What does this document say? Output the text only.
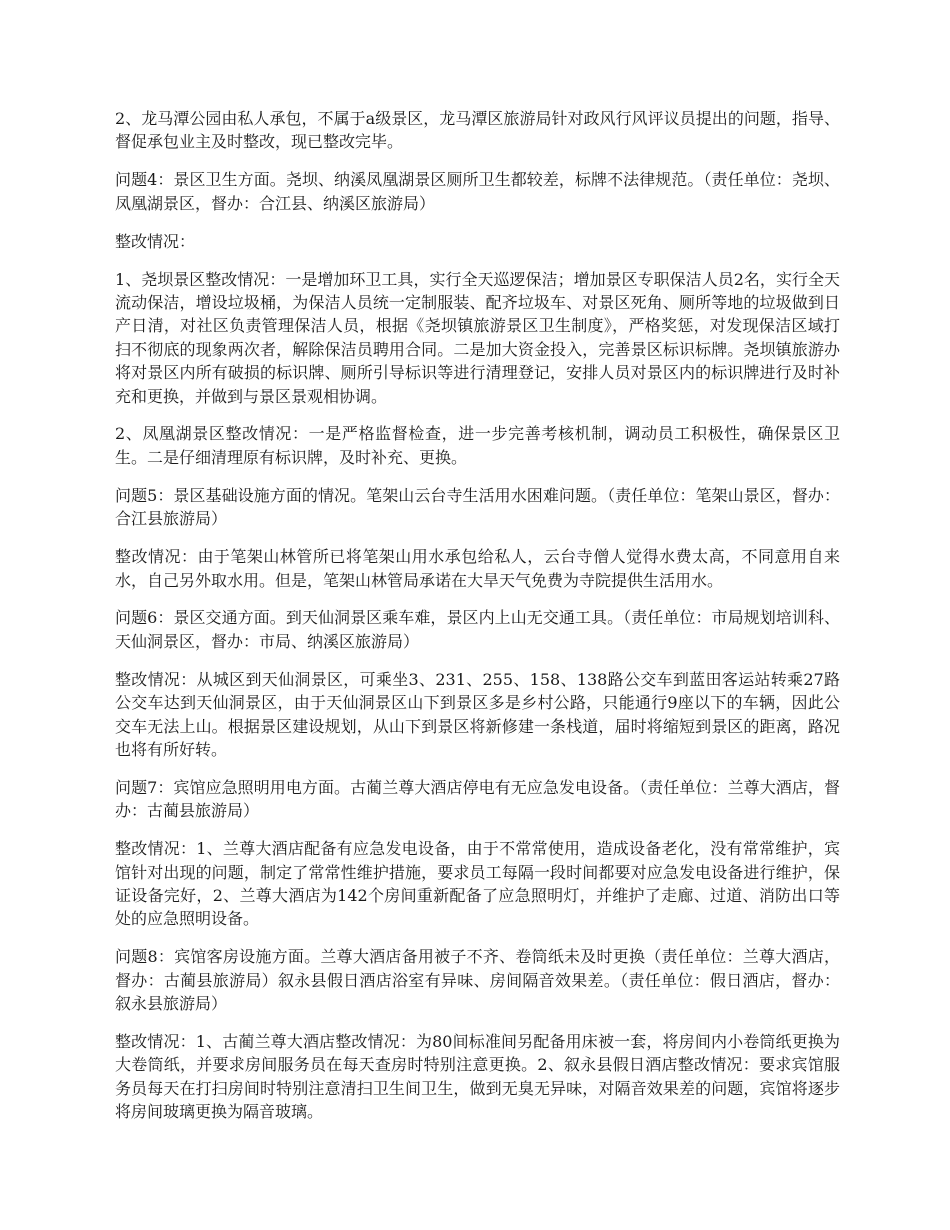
2、龙马潭公园由私人承包，不属于a级景区，龙马潭区旅游局针对政风行风评议员提出的问题，指导、督促承包业主及时整改，现已整改完毕。

问题4：景区卫生方面。尧坝、纳溪凤凰湖景区厕所卫生都较差，标牌不法律规范。（责任单位：尧坝、凤凰湖景区，督办：合江县、纳溪区旅游局）

整改情况：

1、尧坝景区整改情况：一是增加环卫工具，实行全天巡逻保洁；增加景区专职保洁人员2名，实行全天流动保洁，增设垃圾桶，为保洁人员统一定制服装、配齐垃圾车、对景区死角、厕所等地的垃圾做到日产日清，对社区负责管理保洁人员，根据《尧坝镇旅游景区卫生制度》，严格奖惩，对发现保洁区域打扫不彻底的现象两次者，解除保洁员聘用合同。二是加大资金投入，完善景区标识标牌。尧坝镇旅游办将对景区内所有破损的标识牌、厕所引导标识等进行清理登记，安排人员对景区内的标识牌进行及时补充和更换，并做到与景区景观相协调。

2、凤凰湖景区整改情况：一是严格监督检查，进一步完善考核机制，调动员工积极性，确保景区卫生。二是仔细清理原有标识牌，及时补充、更换。

问题5：景区基础设施方面的情况。笔架山云台寺生活用水困难问题。（责任单位：笔架山景区，督办：合江县旅游局）

整改情况：由于笔架山林管所已将笔架山用水承包给私人，云台寺僧人觉得水费太高，不同意用自来水，自己另外取水用。但是，笔架山林管局承诺在大旱天气免费为寺院提供生活用水。

问题6：景区交通方面。到天仙洞景区乘车难，景区内上山无交通工具。（责任单位：市局规划培训科、天仙洞景区，督办：市局、纳溪区旅游局）

整改情况：从城区到天仙洞景区，可乘坐3、231、255、158、138路公交车到蓝田客运站转乘27路公交车达到天仙洞景区，由于天仙洞景区山下到景区多是乡村公路，只能通行9座以下的车辆，因此公交车无法上山。根据景区建设规划，从山下到景区将新修建一条栈道，届时将缩短到景区的距离，路况也将有所好转。

问题7：宾馆应急照明用电方面。古蔺兰尊大酒店停电有无应急发电设备。（责任单位：兰尊大酒店，督办：古蔺县旅游局）

整改情况：1、兰尊大酒店配备有应急发电设备，由于不常常使用，造成设备老化，没有常常维护，宾馆针对出现的问题，制定了常常性维护措施，要求员工每隔一段时间都要对应急发电设备进行维护，保证设备完好，2、兰尊大酒店为142个房间重新配备了应急照明灯，并维护了走廊、过道、消防出口等处的应急照明设备。

问题8：宾馆客房设施方面。兰尊大酒店备用被子不齐、卷筒纸未及时更换（责任单位：兰尊大酒店，督办：古蔺县旅游局）叙永县假日酒店浴室有异味、房间隔音效果差。（责任单位：假日酒店，督办：叙永县旅游局）

整改情况：1、古蔺兰尊大酒店整改情况：为80间标准间另配备用床被一套，将房间内小卷筒纸更换为大卷筒纸，并要求房间服务员在每天查房时特别注意更换。2、叙永县假日酒店整改情况：要求宾馆服务员每天在打扫房间时特别注意清扫卫生间卫生，做到无臭无异味，对隔音效果差的问题，宾馆将逐步将房间玻璃更换为隔音玻璃。
